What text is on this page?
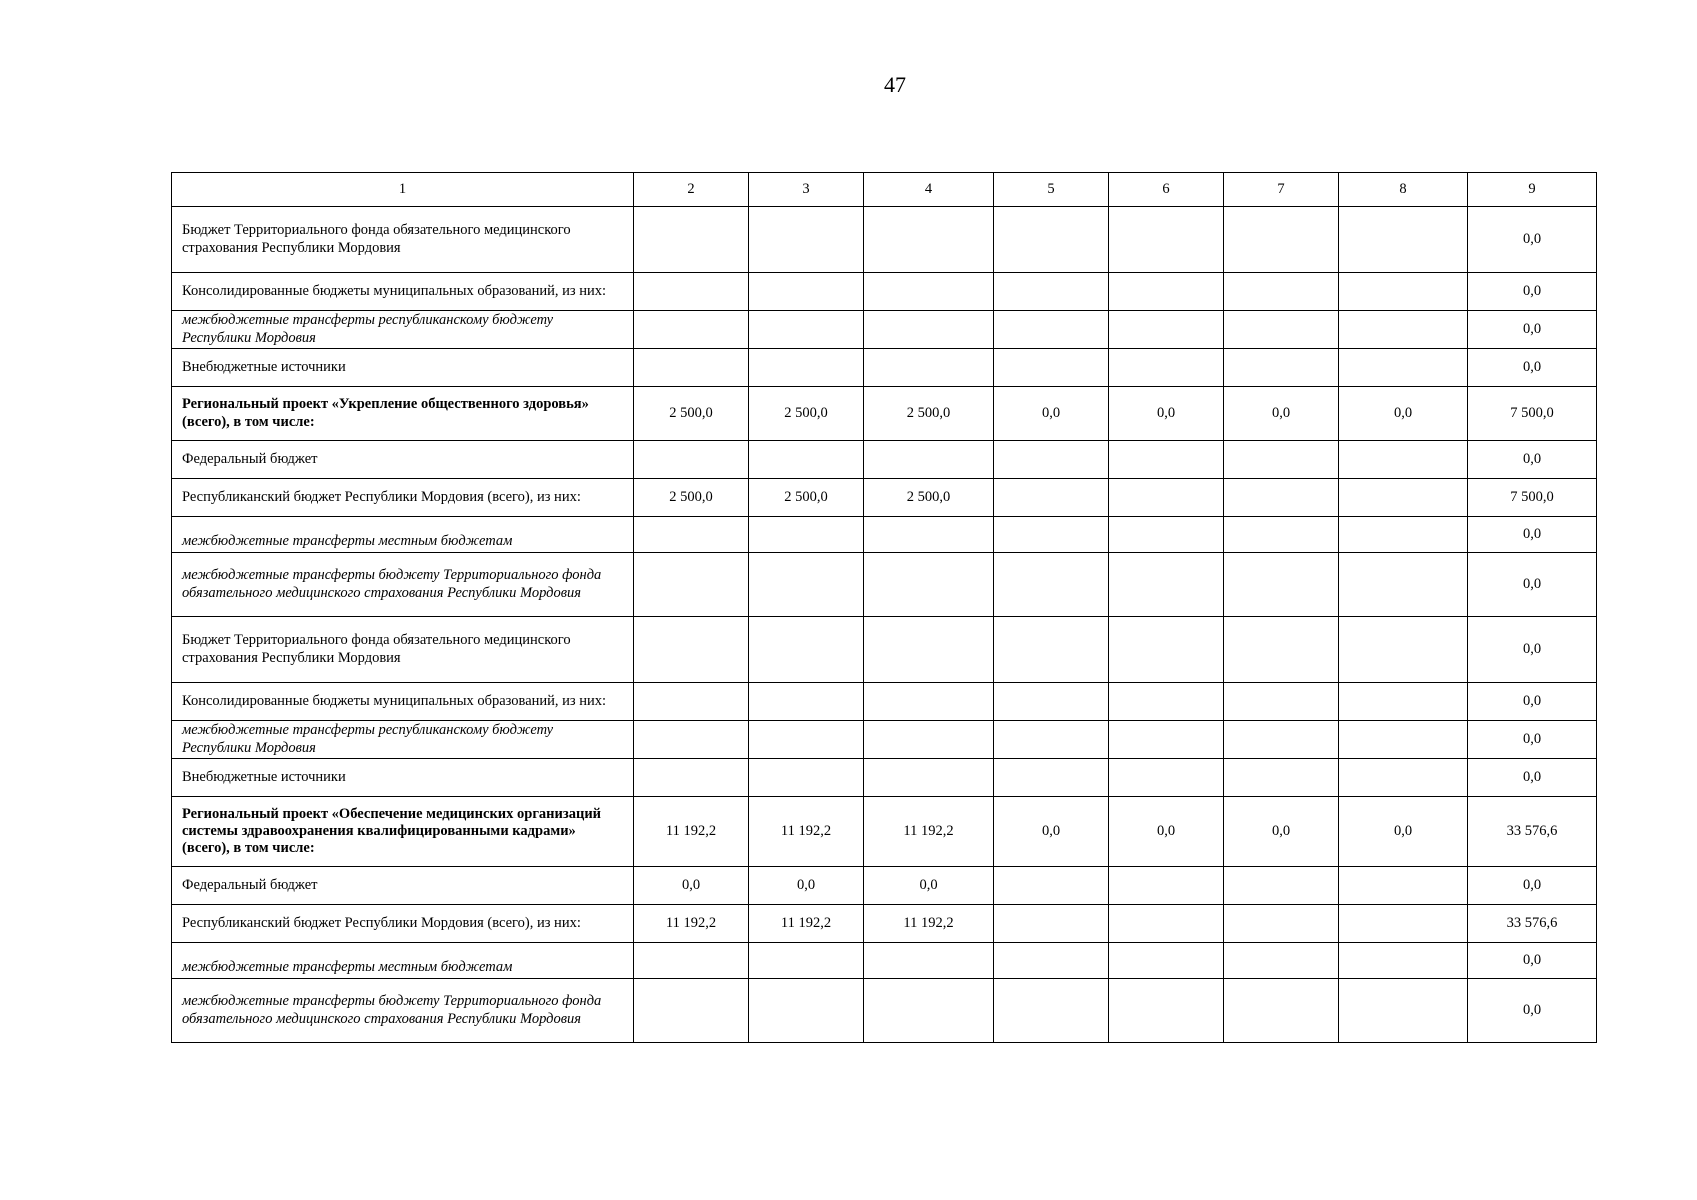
47
1	2	3	4	5	6	7	8	9
Бюджет Территориального фонда обязательного медицинского страхования Республики Мордовия								0,0
Консолидированные бюджеты муниципальных образований, из них:								0,0
межбюджетные трансферты республиканскому бюджету Республики Мордовия								0,0
Внебюджетные источники								0,0
Региональный проект «Укрепление общественного здоровья» (всего), в том числе:	2 500,0	2 500,0	2 500,0	0,0	0,0	0,0	0,0	7 500,0
Федеральный бюджет								0,0
Республиканский бюджет Республики Мордовия (всего), из них:	2 500,0	2 500,0	2 500,0					7 500,0
межбюджетные трансферты местным бюджетам								0,0
межбюджетные трансферты бюджету Территориального фонда обязательного медицинского страхования Республики Мордовия								0,0
Бюджет Территориального фонда обязательного медицинского страхования Республики Мордовия								0,0
Консолидированные бюджеты муниципальных образований, из них:								0,0
межбюджетные трансферты республиканскому бюджету Республики Мордовия								0,0
Внебюджетные источники								0,0
Региональный проект «Обеспечение медицинских организаций системы здравоохранения квалифицированными кадрами» (всего), в том числе:	11 192,2	11 192,2	11 192,2	0,0	0,0	0,0	0,0	33 576,6
Федеральный бюджет	0,0	0,0	0,0					0,0
Республиканский бюджет Республики Мордовия (всего), из них:	11 192,2	11 192,2	11 192,2					33 576,6
межбюджетные трансферты местным бюджетам								0,0
межбюджетные трансферты бюджету Территориального фонда обязательного медицинского страхования Республики Мордовия								0,0
